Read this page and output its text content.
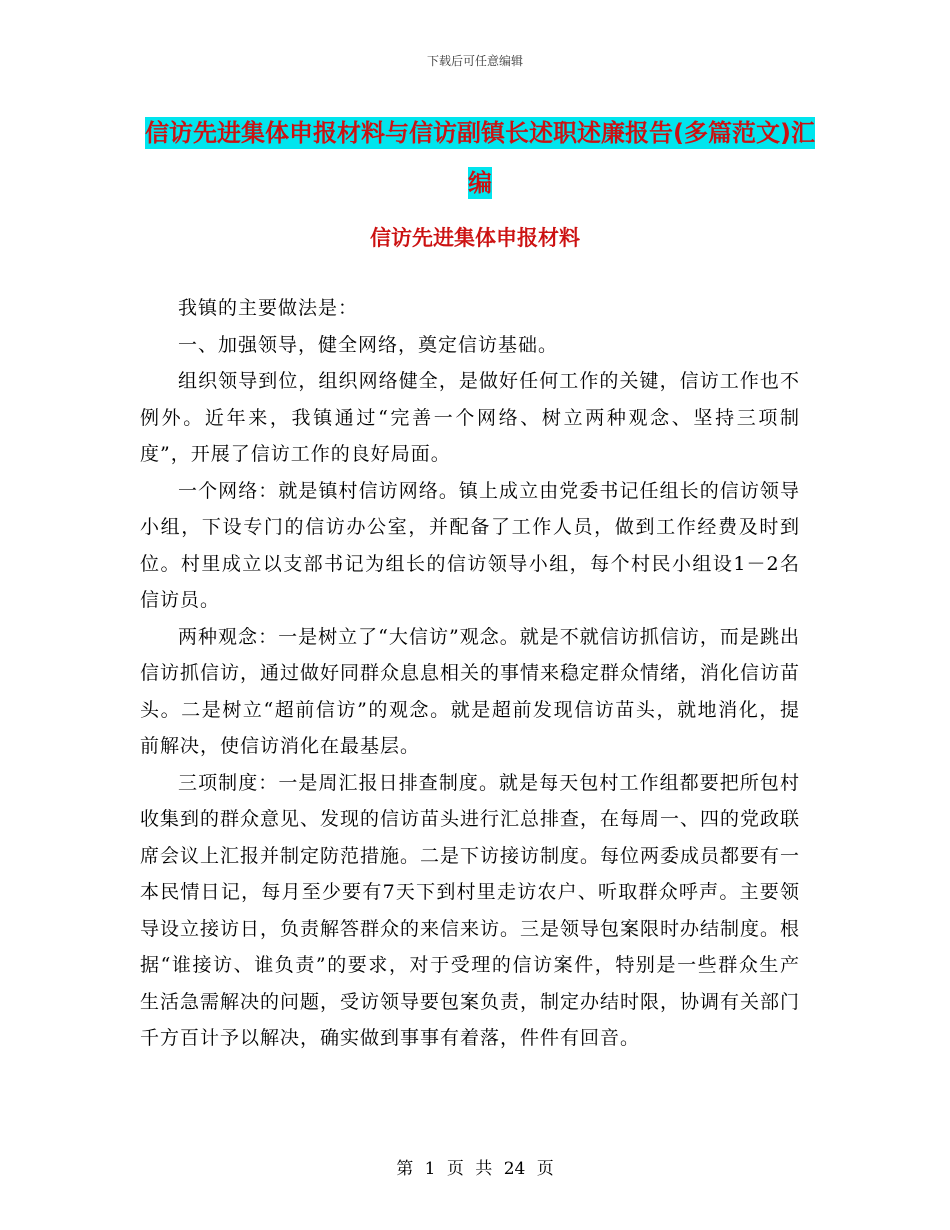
下载后可任意编辑
信访先进集体申报材料与信访副镇长述职述廉报告(多篇范文)汇编
信访先进集体申报材料

我镇的主要做法是：

一、加强领导，健全网络，奠定信访基础。

组织领导到位，组织网络健全，是做好任何工作的关键，信访工作也不例外。近年来，我镇通过“完善一个网络、树立两种观念、坚持三项制度”，开展了信访工作的良好局面。

一个网络：就是镇村信访网络。镇上成立由党委书记任组长的信访领导小组，下设专门的信访办公室，并配备了工作人员，做到工作经费及时到位。村里成立以支部书记为组长的信访领导小组，每个村民小组设1－2名信访员。

两种观念：一是树立了“大信访”观念。就是不就信访抓信访，而是跳出信访抓信访，通过做好同群众息息相关的事情来稳定群众情绪，消化信访苗头。二是树立“超前信访”的观念。就是超前发现信访苗头，就地消化，提前解决，使信访消化在最基层。

三项制度：一是周汇报日排查制度。就是每天包村工作组都要把所包村收集到的群众意见、发现的信访苗头进行汇总排查，在每周一、四的党政联席会议上汇报并制定防范措施。二是下访接访制度。每位两委成员都要有一本民情日记，每月至少要有7天下到村里走访农户、听取群众呼声。主要领导设立接访日，负责解答群众的来信来访。三是领导包案限时办结制度。根据“谁接访、谁负责”的要求，对于受理的信访案件，特别是一些群众生产生活急需解决的问题，受访领导要包案负责，制定办结时限，协调有关部门千方百计予以解决，确实做到事事有着落，件件有回音。

第 1 页 共 24 页
